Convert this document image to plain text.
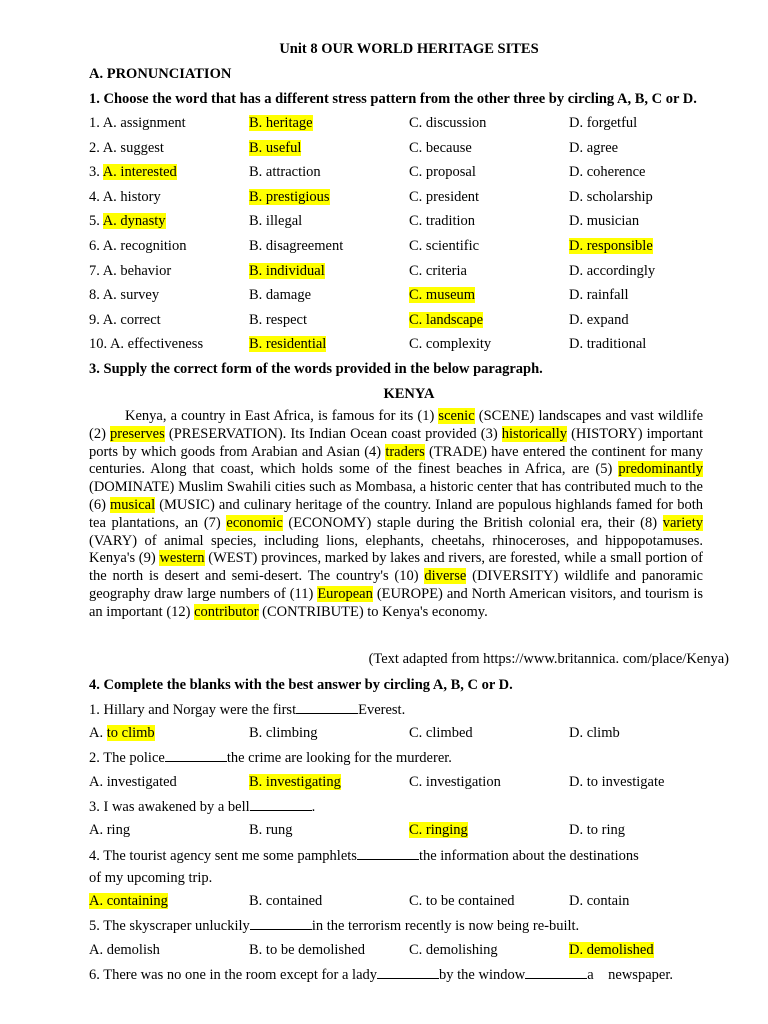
Unit 8 OUR WORLD HERITAGE SITES
A. PRONUNCIATION
1. Choose the word that has a different stress pattern from the other three by circling A, B, C or D.
1. A. assignment	B. heritage	C. discussion	D. forgetful
2. A. suggest	B. useful	C. because	D. agree
3. A. interested	B. attraction	C. proposal	D. coherence
4. A. history	B. prestigious	C. president	D. scholarship
5. A. dynasty	B. illegal	C. tradition	D. musician
6. A. recognition	B. disagreement	C. scientific	D. responsible
7. A. behavior	B. individual	C. criteria	D. accordingly
8. A. survey	B. damage	C. museum	D. rainfall
9. A. correct	B. respect	C. landscape	D. expand
10. A. effectiveness	B. residential	C. complexity	D. traditional
3. Supply the correct form of the words provided in the below paragraph.
KENYA
Kenya, a country in East Africa, is famous for its (1) scenic (SCENE) landscapes and vast wildlife (2) preserves (PRESERVATION). Its Indian Ocean coast provided (3) historically (HISTORY) important ports by which goods from Arabian and Asian (4) traders (TRADE) have entered the continent for many centuries. Along that coast, which holds some of the finest beaches in Africa, are (5) predominantly (DOMINATE) Muslim Swahili cities such as Mombasa, a historic center that has contributed much to the (6) musical (MUSIC) and culinary heritage of the country. Inland are populous highlands famed for both tea plantations, an (7) economic (ECONOMY) staple during the British colonial era, their (8) variety (VARY) of animal species, including lions, elephants, cheetahs, rhinoceroses, and hippopotamuses. Kenya's (9) western (WEST) provinces, marked by lakes and rivers, are forested, while a small portion of the north is desert and semi-desert. The country's (10) diverse (DIVERSITY) wildlife and panoramic geography draw large numbers of (11) European (EUROPE) and North American visitors, and tourism is an important (12) contributor (CONTRIBUTE) to Kenya's economy.
(Text adapted from https://www.britannica. com/place/Kenya)
4. Complete the blanks with the best answer by circling A, B, C or D.
1. Hillary and Norgay were the first	Everest.
A. to climb	B. climbing	C. climbed	D. climb
2. The police	the crime are looking for the murderer.
A. investigated	B. investigating	C. investigation	D. to investigate
3. I was awakened by a bell	.
A. ring	B. rung	C. ringing	D. to ring
4. The tourist agency sent me some pamphlets	the information about the destinations
of my upcoming trip.
A. containing	B. contained	C. to be contained	D. contain
5. The skyscraper unluckily	in the terrorism recently is now being re-built.
A. demolish	B. to be demolished	C. demolishing	D. demolished
6. There was no one in the room except for a lady	by the window	a    newspaper.
